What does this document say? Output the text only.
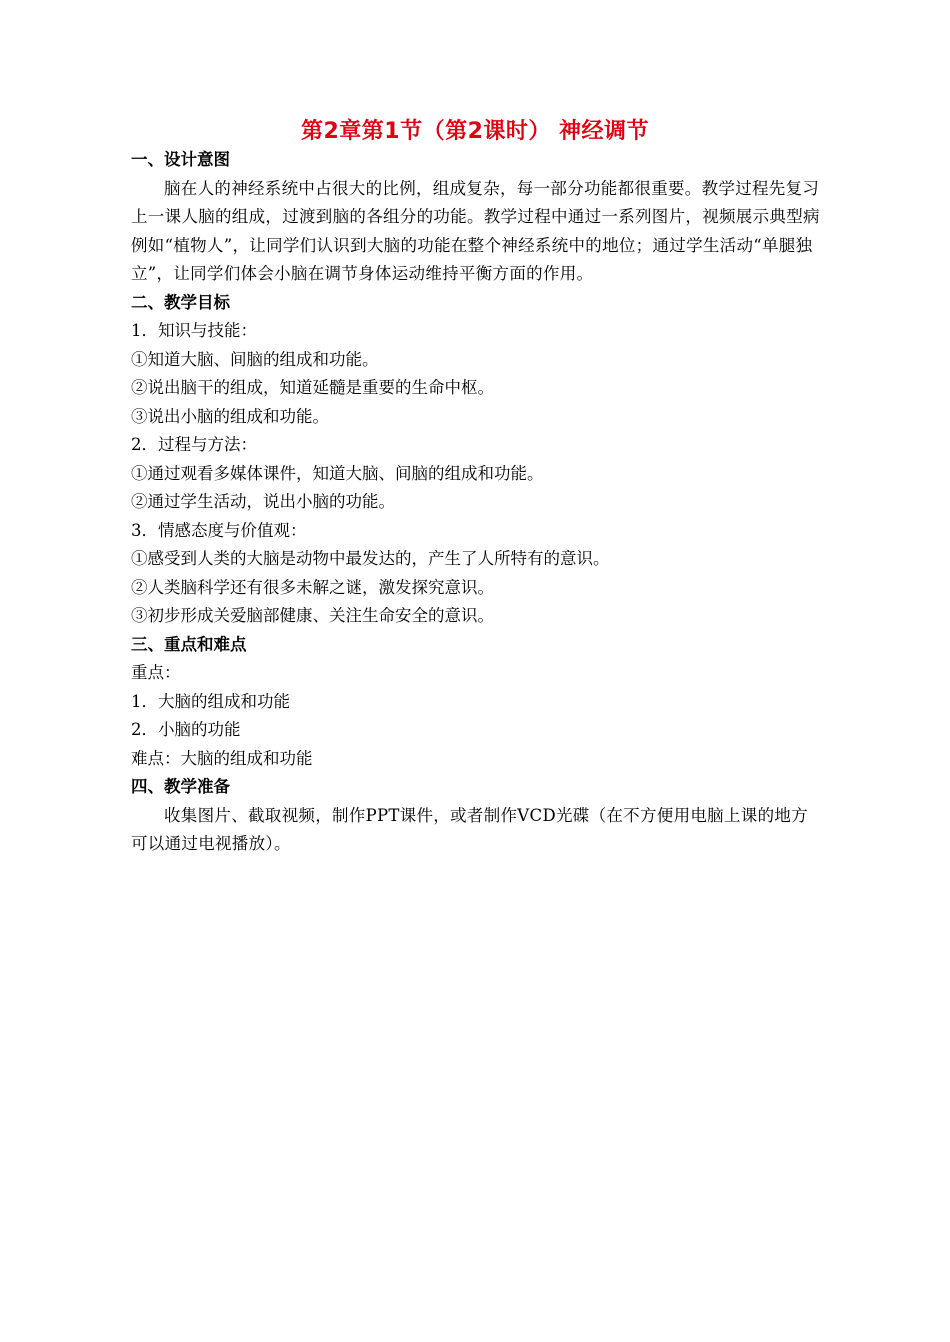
第2章第1节（第2课时） 神经调节
一、设计意图
脑在人的神经系统中占很大的比例，组成复杂，每一部分功能都很重要。教学过程先复习上一课人脑的组成，过渡到脑的各组分的功能。教学过程中通过一系列图片，视频展示典型病例如“植物人”，让同学们认识到大脑的功能在整个神经系统中的地位；通过学生活动“单腿独立”，让同学们体会小脑在调节身体运动维持平衡方面的作用。
二、教学目标
1．知识与技能：
①知道大脑、间脑的组成和功能。
②说出脑干的组成，知道延髓是重要的生命中枢。
③说出小脑的组成和功能。
2．过程与方法：
①通过观看多媒体课件，知道大脑、间脑的组成和功能。
②通过学生活动，说出小脑的功能。
3．情感态度与价值观：
①感受到人类的大脑是动物中最发达的，产生了人所特有的意识。
②人类脑科学还有很多未解之谜，激发探究意识。
③初步形成关爱脑部健康、关注生命安全的意识。
三、重点和难点
重点：
1．大脑的组成和功能
2．小脑的功能
难点：大脑的组成和功能
四、教学准备
收集图片、截取视频，制作PPT课件，或者制作VCD光碟（在不方便用电脑上课的地方可以通过电视播放）。
